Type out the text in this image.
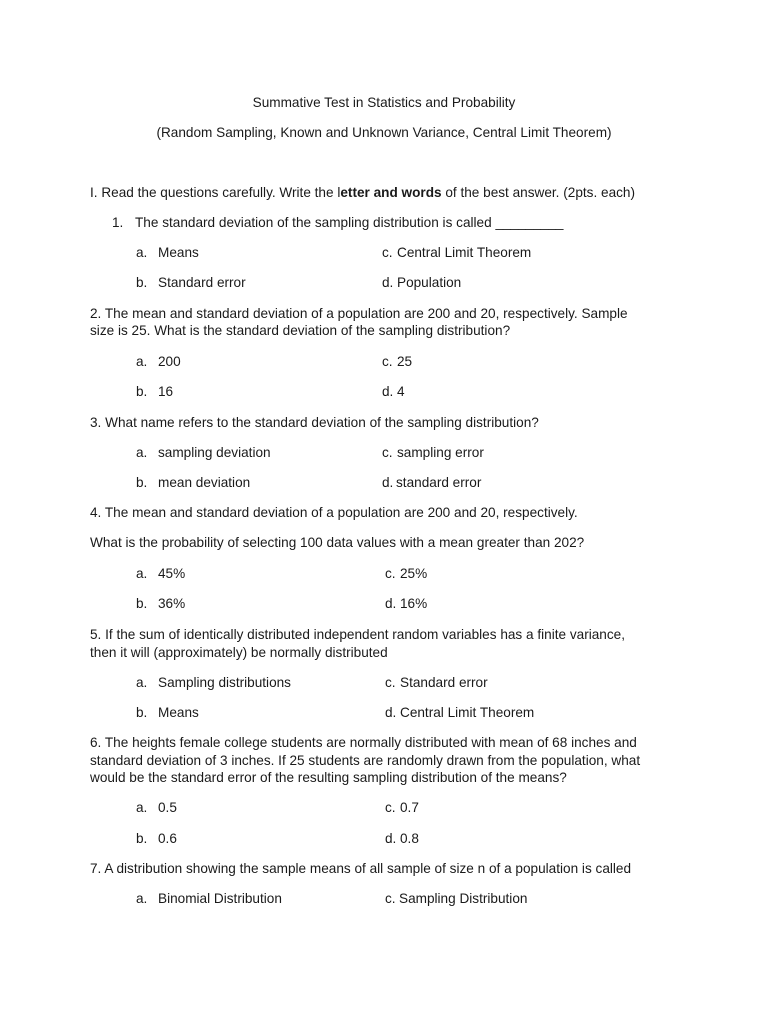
Summative Test in Statistics and Probability
(Random Sampling, Known and Unknown Variance, Central Limit Theorem)
I. Read the questions carefully. Write the letter and words of the best answer. (2pts. each)
1. The standard deviation of the sampling distribution is called _________
a. Means	c. Central Limit Theorem
b. Standard error	d. Population
2. The mean and standard deviation of a population are 200 and 20, respectively. Sample
size is 25. What is the standard deviation of the sampling distribution?
a. 200	c. 25
b. 16	d. 4
3. What name refers to the standard deviation of the sampling distribution?
a. sampling deviation	c. sampling error
b. mean deviation	d. standard error
4. The mean and standard deviation of a population are 200 and 20, respectively.
What is the probability of selecting 100 data values with a mean greater than 202?
a. 45%	c. 25%
b. 36%	d. 16%
5. If the sum of identically distributed independent random variables has a finite variance,
then it will (approximately) be normally distributed
a. Sampling distributions	c. Standard error
b. Means	d. Central Limit Theorem
6. The heights female college students are normally distributed with mean of 68 inches and
standard deviation of 3 inches. If 25 students are randomly drawn from the population, what
would be the standard error of the resulting sampling distribution of the means?
a. 0.5	c. 0.7
b. 0.6	d. 0.8
7. A distribution showing the sample means of all sample of size n of a population is called
a. Binomial Distribution	c. Sampling Distribution
